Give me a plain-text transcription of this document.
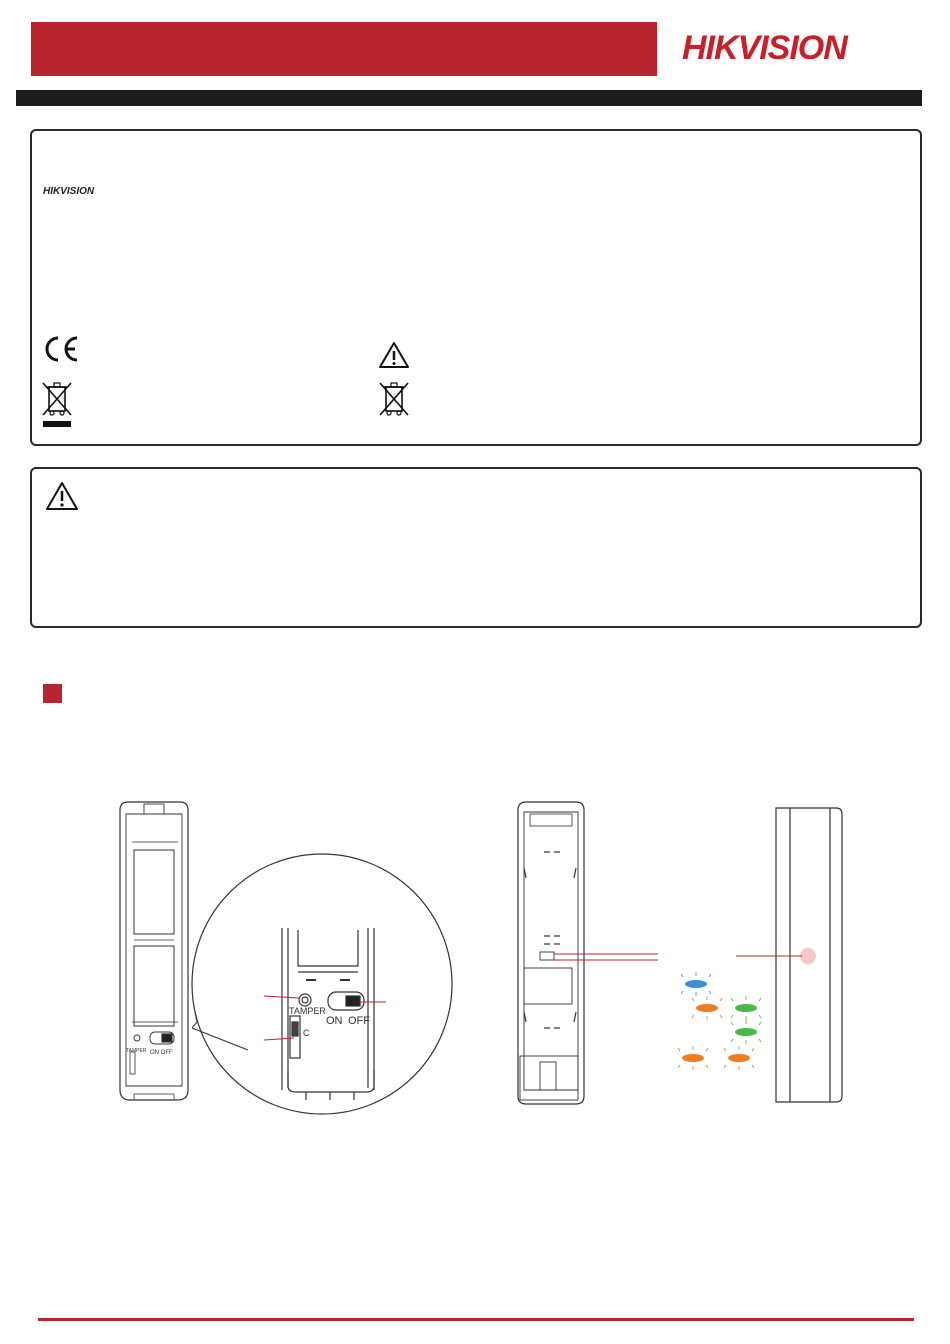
HIKVISION
HIKVISION
TAMPER ON OFF
TAMPER
ON OFF
C
